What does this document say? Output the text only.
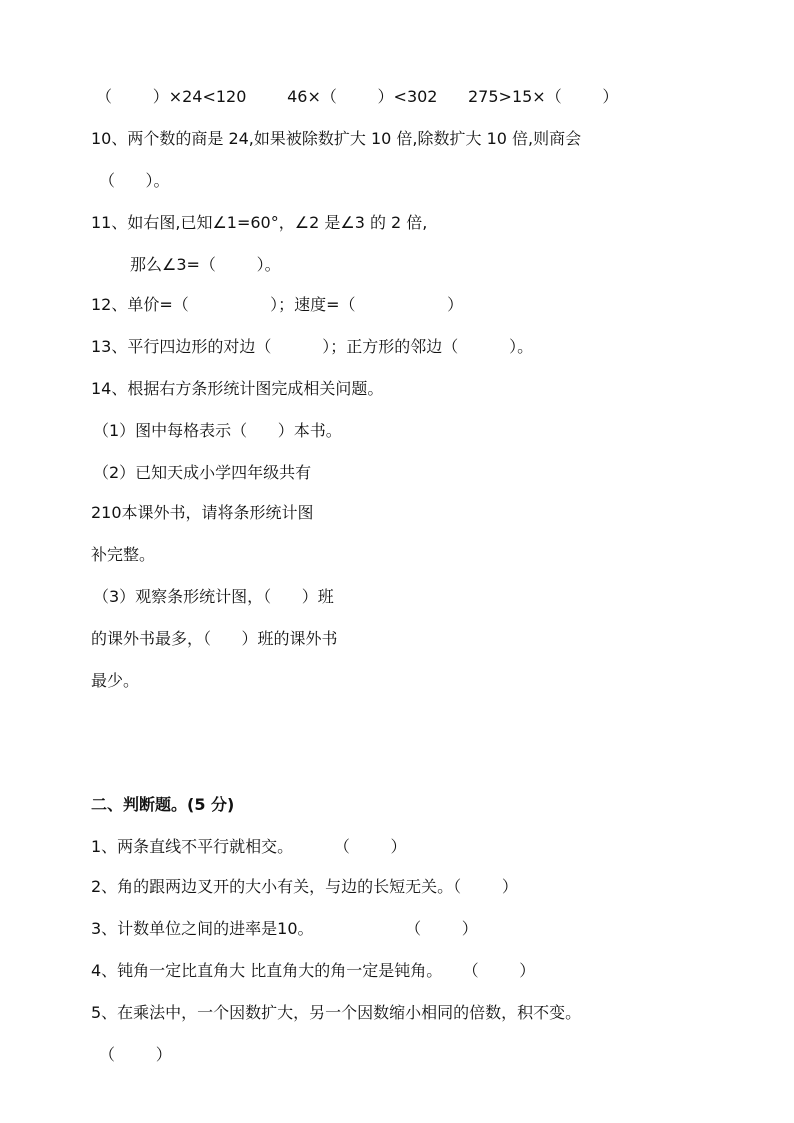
（        ）×24<120        46×（        ）<302      275>15×（        ）
10、两个数的商是 24,如果被除数扩大 10 倍,除数扩大 10 倍,则商会
（      ）。
11、如右图,已知∠1=60°，∠2 是∠3 的 2 倍,
那么∠3=（        ）。
12、单价=（                ）；速度=（                  ）
13、平行四边形的对边（          ）；正方形的邻边（          ）。
14、根据右方条形统计图完成相关问题。
（1）图中每格表示（      ）本书。
（2）已知天成小学四年级共有
210本课外书，请将条形统计图
补完整。
（3）观察条形统计图，（      ）班
的课外书最多，（      ）班的课外书
最少。
二、判断题。(5 分)
1、两条直线不平行就相交。        （        ）
2、角的跟两边叉开的大小有关，与边的长短无关。（        ）
3、计数单位之间的进率是10。                  （        ）
4、钝角一定比直角大 比直角大的角一定是钝角。    （        ）
5、在乘法中，一个因数扩大，另一个因数缩小相同的倍数，积不变。
（        ）
